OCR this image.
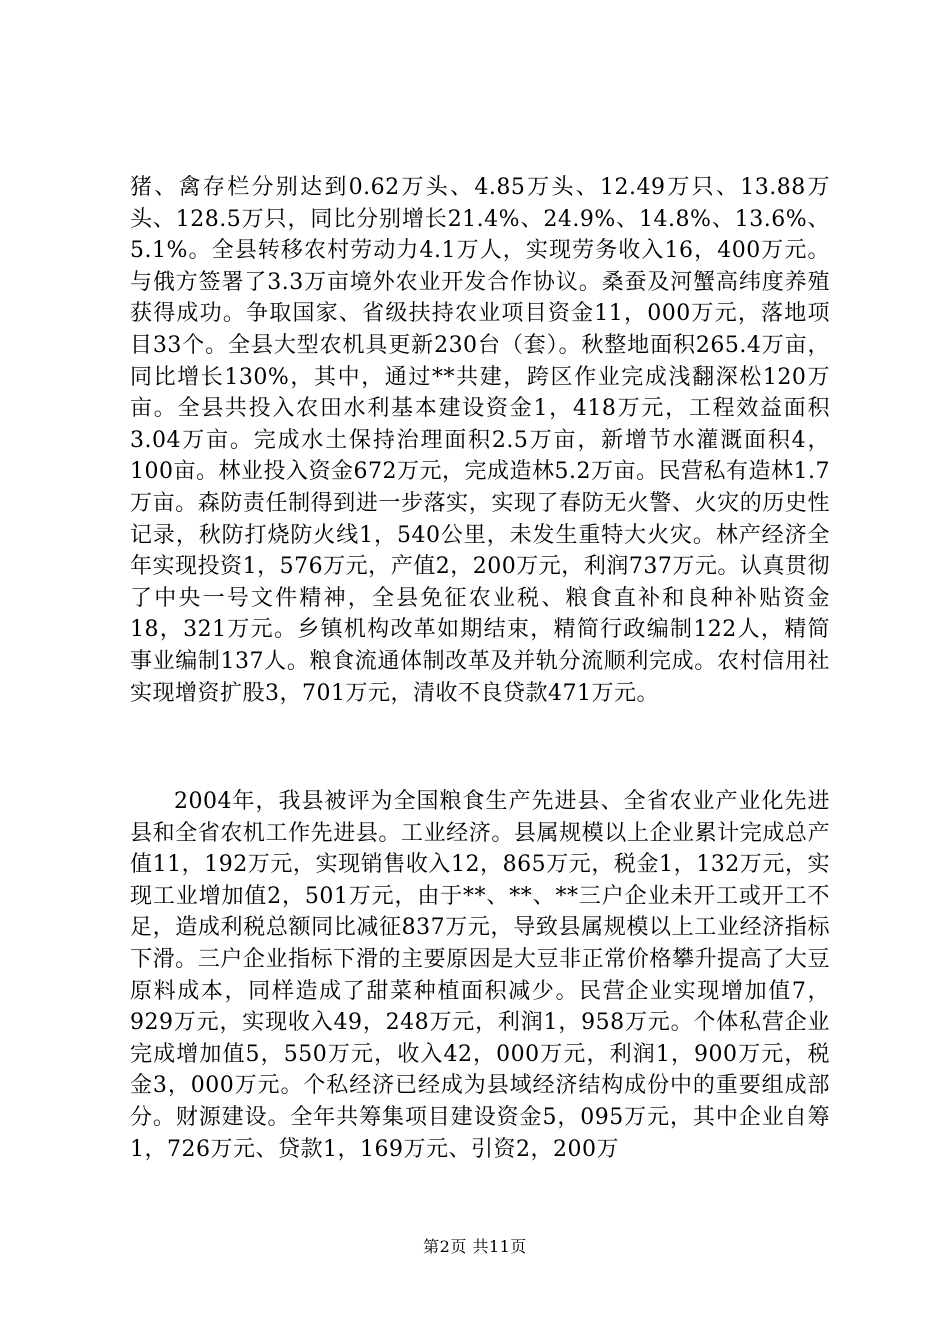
猪、禽存栏分别达到0.62万头、4.85万头、12.49万只、13.88万头、128.5万只，同比分别增长21.4%、24.9%、14.8%、13.6%、5.1%。全县转移农村劳动力4.1万人，实现劳务收入16，400万元。与俄方签署了3.3万亩境外农业开发合作协议。桑蚕及河蟹高纬度养殖获得成功。争取国家、省级扶持农业项目资金11，000万元，落地项目33个。全县大型农机具更新230台（套）。秋整地面积265.4万亩，同比增长130%，其中，通过**共建，跨区作业完成浅翻深松120万亩。全县共投入农田水利基本建设资金1，418万元，工程效益面积3.04万亩。完成水土保持治理面积2.5万亩，新增节水灌溉面积4，100亩。林业投入资金672万元，完成造林5.2万亩。民营私有造林1.7万亩。森防责任制得到进一步落实，实现了春防无火警、火灾的历史性记录，秋防打烧防火线1，540公里，未发生重特大火灾。林产经济全年实现投资1，576万元，产值2，200万元，利润737万元。认真贯彻了中央一号文件精神，全县免征农业税、粮食直补和良种补贴资金18，321万元。乡镇机构改革如期结束，精简行政编制122人，精简事业编制137人。粮食流通体制改革及并轨分流顺利完成。农村信用社实现增资扩股3，701万元，清收不良贷款471万元。

2004年，我县被评为全国粮食生产先进县、全省农业产业化先进县和全省农机工作先进县。工业经济。县属规模以上企业累计完成总产值11，192万元，实现销售收入12，865万元，税金1，132万元，实现工业增加值2，501万元，由于**、**、**三户企业未开工或开工不足，造成利税总额同比减征837万元，导致县属规模以上工业经济指标下滑。三户企业指标下滑的主要原因是大豆非正常价格攀升提高了大豆原料成本，同样造成了甜菜种植面积减少。民营企业实现增加值7，929万元，实现收入49，248万元，利润1，958万元。个体私营企业完成增加值5，550万元，收入42，000万元，利润1，900万元，税金3，000万元。个私经济已经成为县域经济结构成份中的重要组成部分。财源建设。全年共筹集项目建设资金5，095万元，其中企业自筹1，726万元、贷款1，169万元、引资2，200万

第2页 共11页
